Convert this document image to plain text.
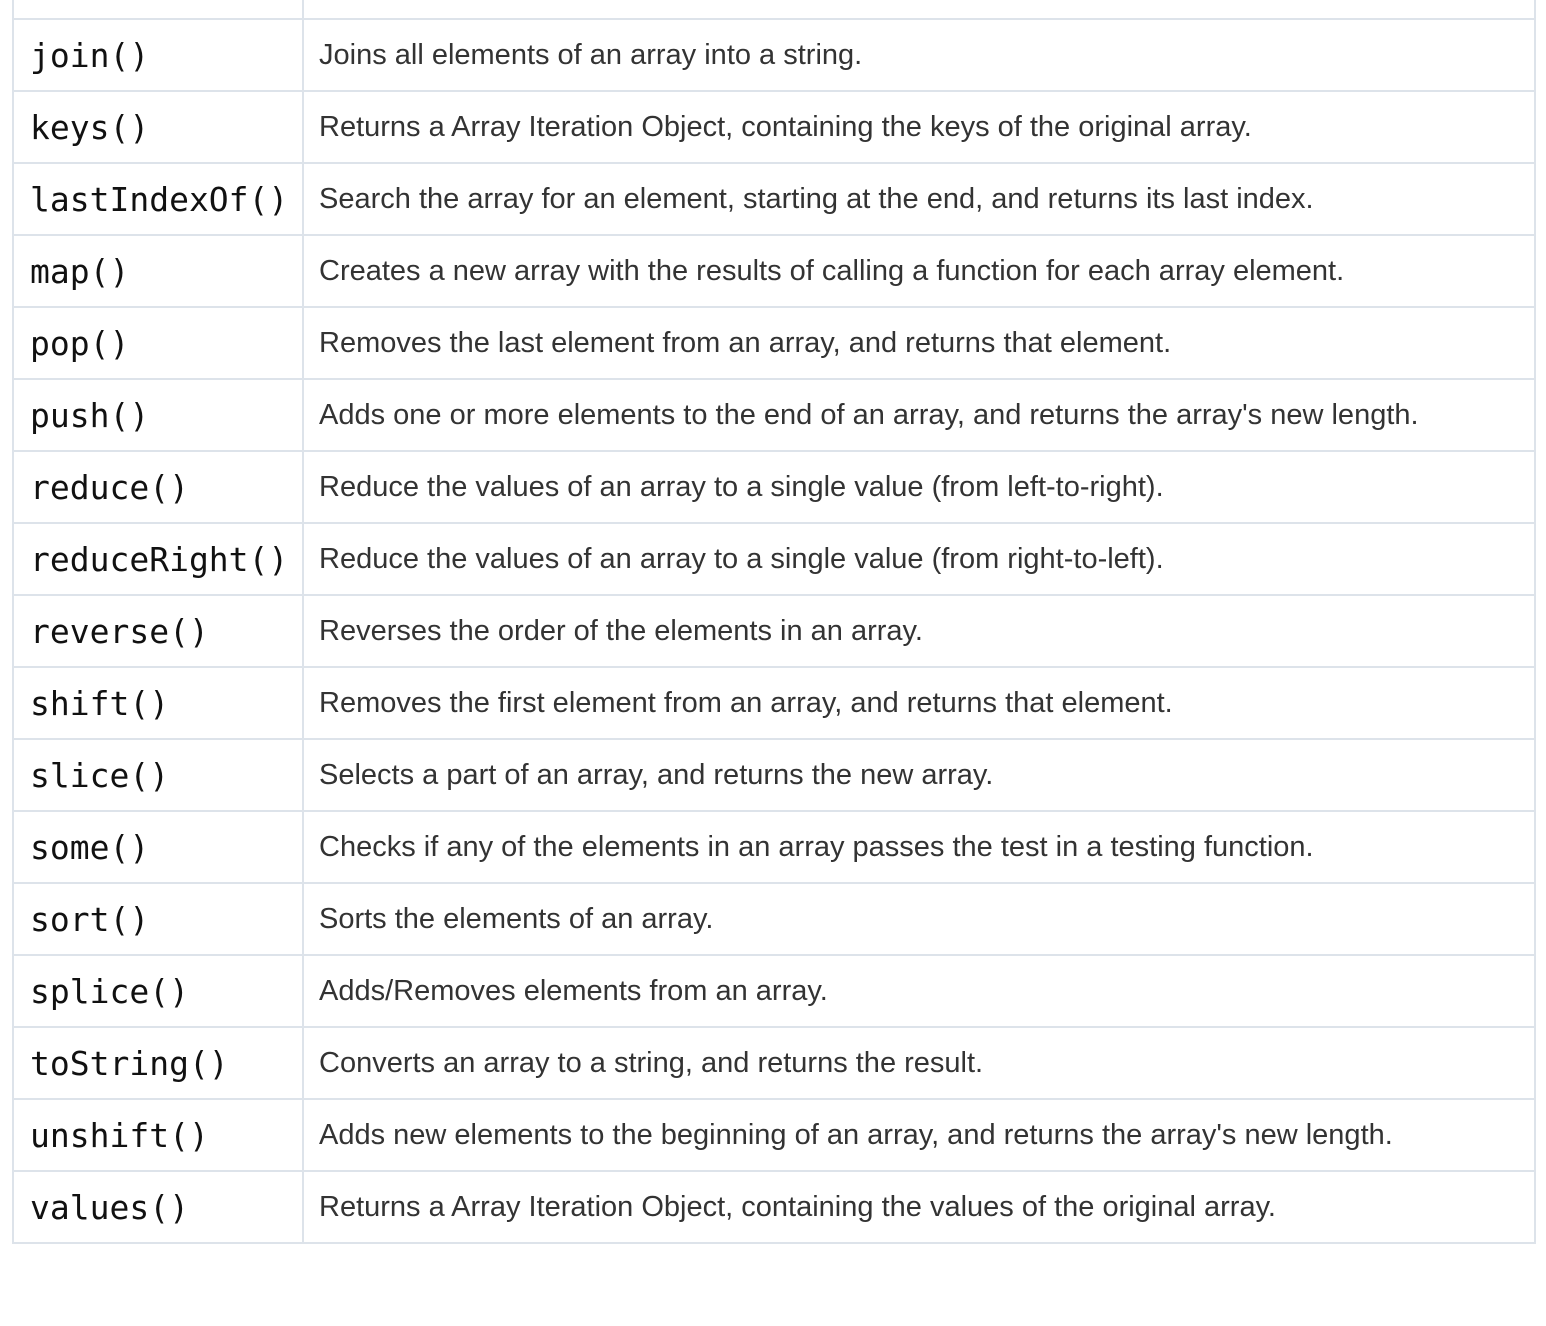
join()	Joins all elements of an array into a string.
keys()	Returns a Array Iteration Object, containing the keys of the original array.
lastIndexOf()	Search the array for an element, starting at the end, and returns its last index.
map()	Creates a new array with the results of calling a function for each array element.
pop()	Removes the last element from an array, and returns that element.
push()	Adds one or more elements to the end of an array, and returns the array's new length.
reduce()	Reduce the values of an array to a single value (from left-to-right).
reduceRight()	Reduce the values of an array to a single value (from right-to-left).
reverse()	Reverses the order of the elements in an array.
shift()	Removes the first element from an array, and returns that element.
slice()	Selects a part of an array, and returns the new array.
some()	Checks if any of the elements in an array passes the test in a testing function.
sort()	Sorts the elements of an array.
splice()	Adds/Removes elements from an array.
toString()	Converts an array to a string, and returns the result.
unshift()	Adds new elements to the beginning of an array, and returns the array's new length.
values()	Returns a Array Iteration Object, containing the values of the original array.
